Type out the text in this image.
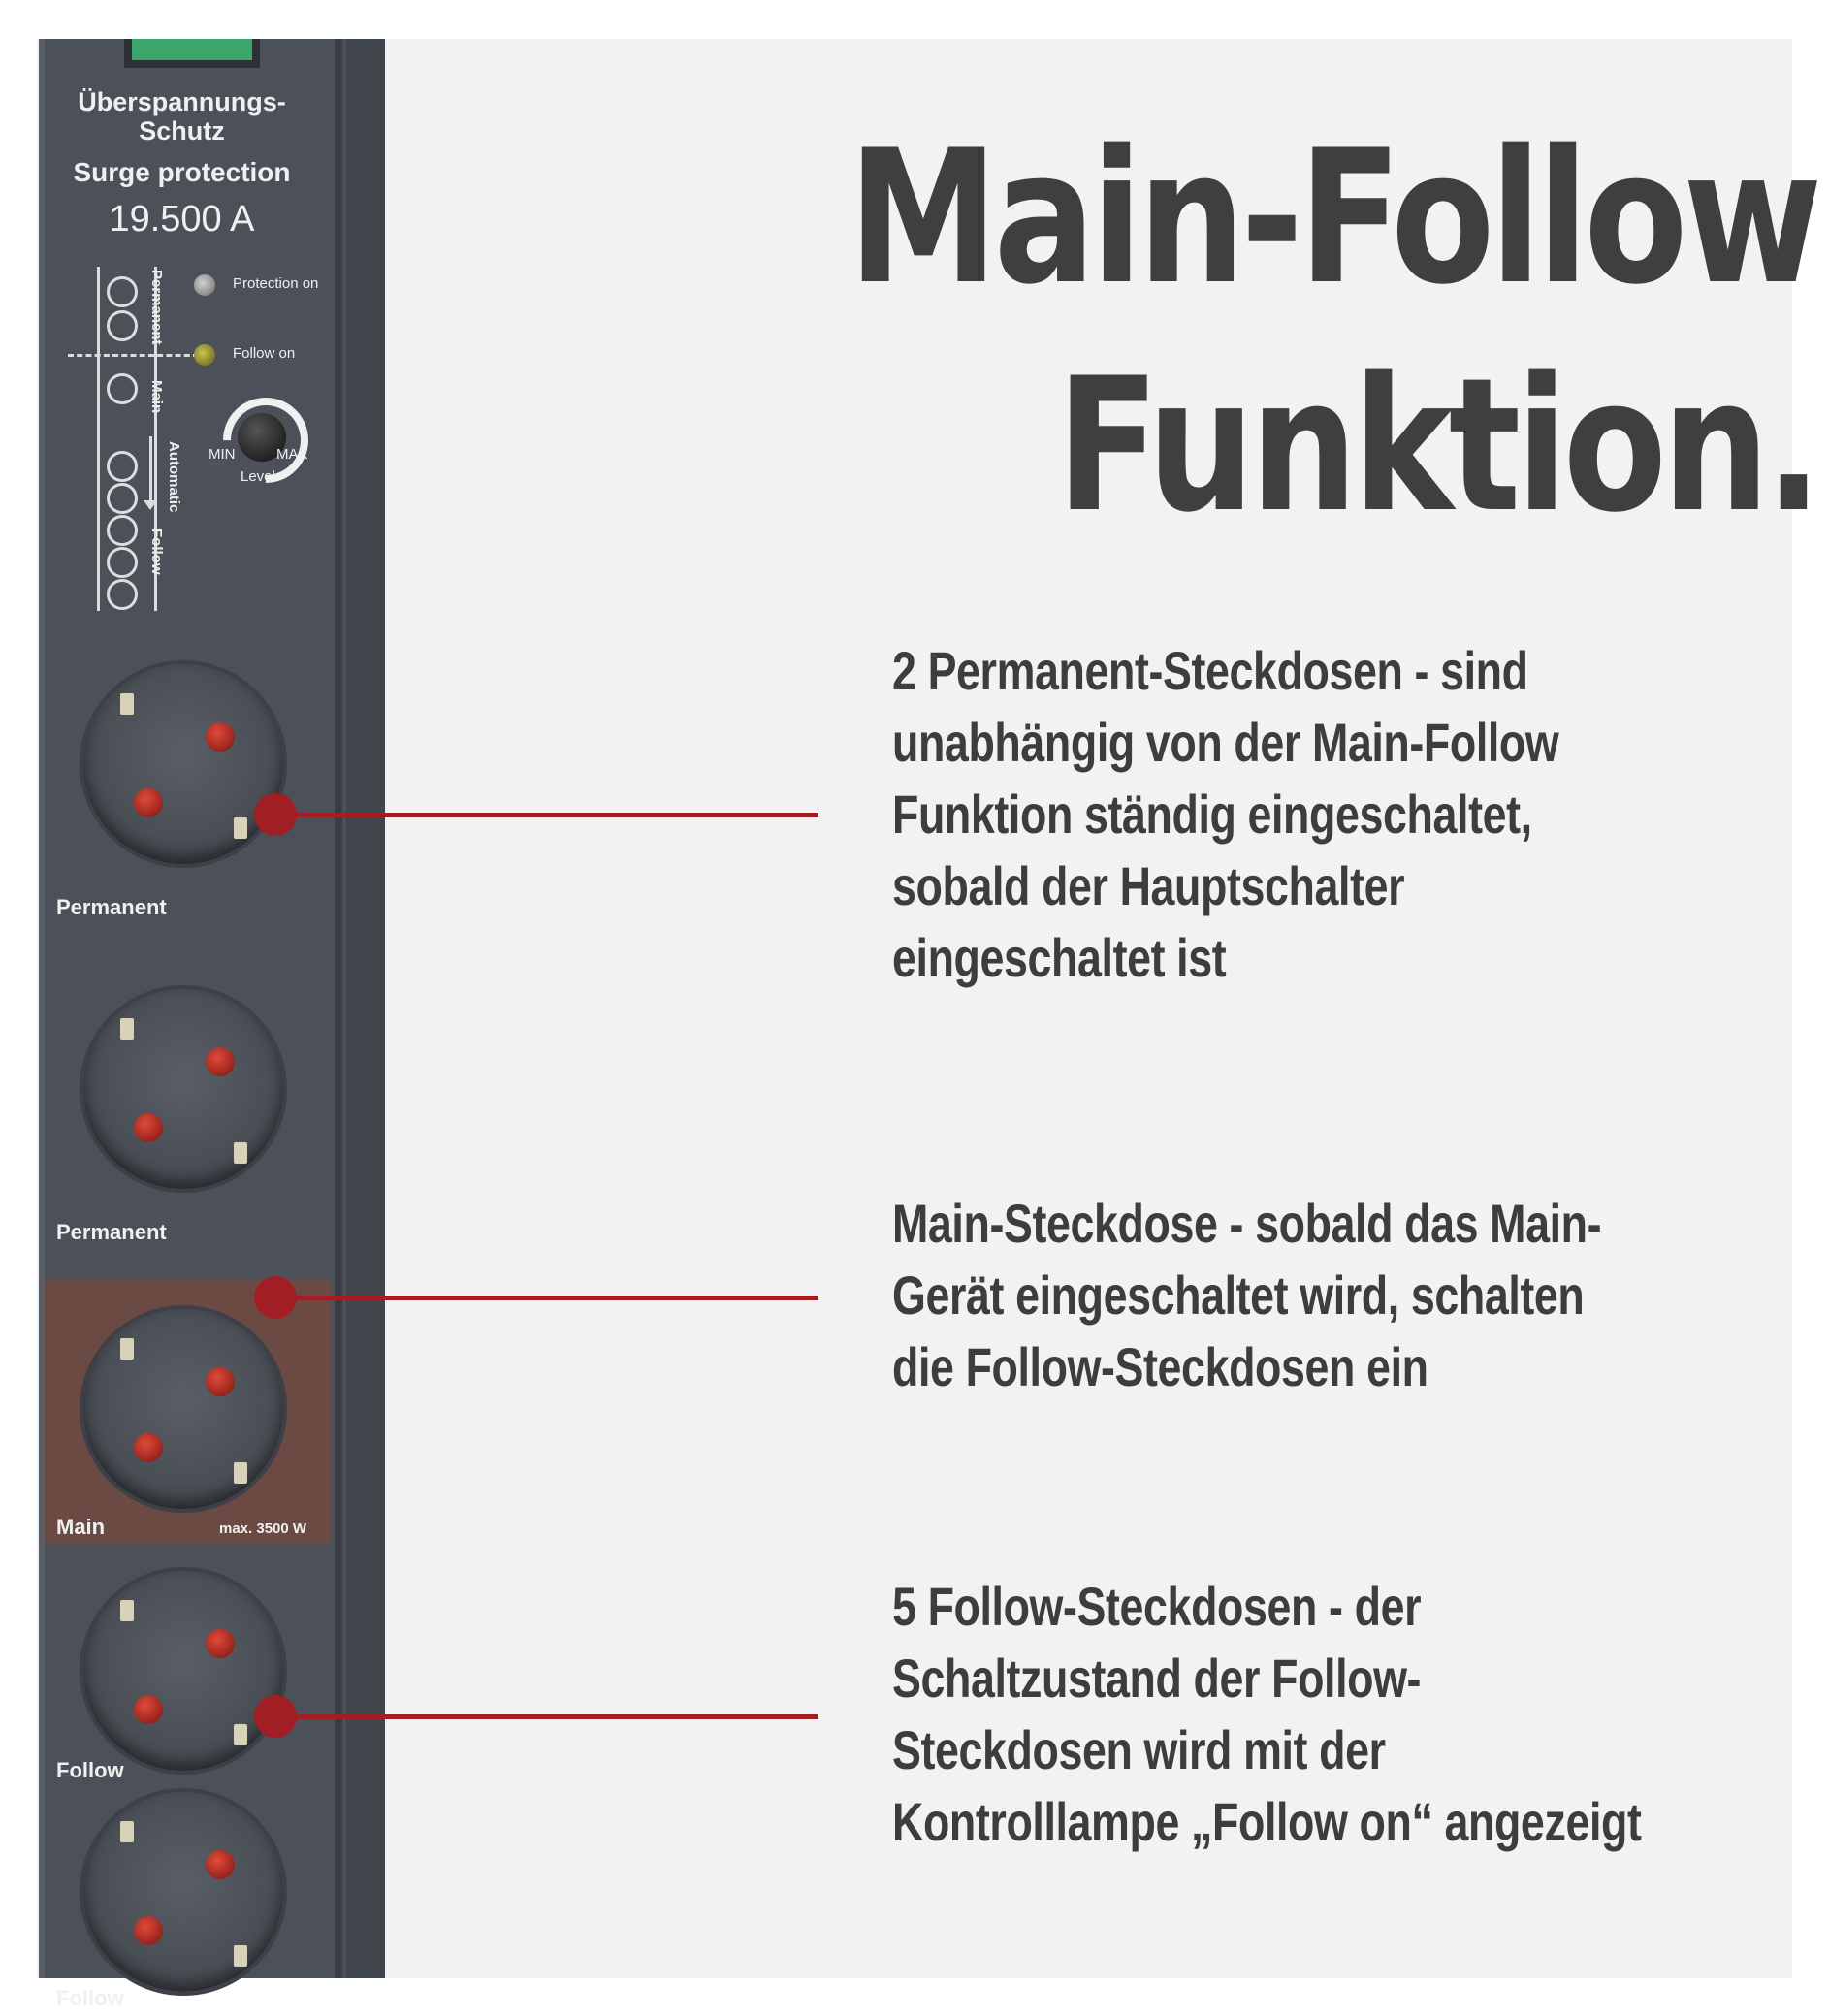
Überspannungs-
Schutz
Surge protection
19.500 A
Permanent
Main
Automatic
Follow
Protection on
Follow on
MIN	MAX
Level
Permanent
Permanent
Main	max. 3500 W
Follow
Follow
Main-Follow
Funktion.
2 Permanent-Steckdosen - sind
unabhängig von der Main-Follow
Funktion ständig eingeschaltet,
sobald der Hauptschalter
eingeschaltet ist
Main-Steckdose - sobald das Main-
Gerät eingeschaltet wird, schalten
die Follow-Steckdosen ein
5 Follow-Steckdosen - der
Schaltzustand der Follow-
Steckdosen wird mit der
Kontrolllampe „Follow on“ angezeigt
